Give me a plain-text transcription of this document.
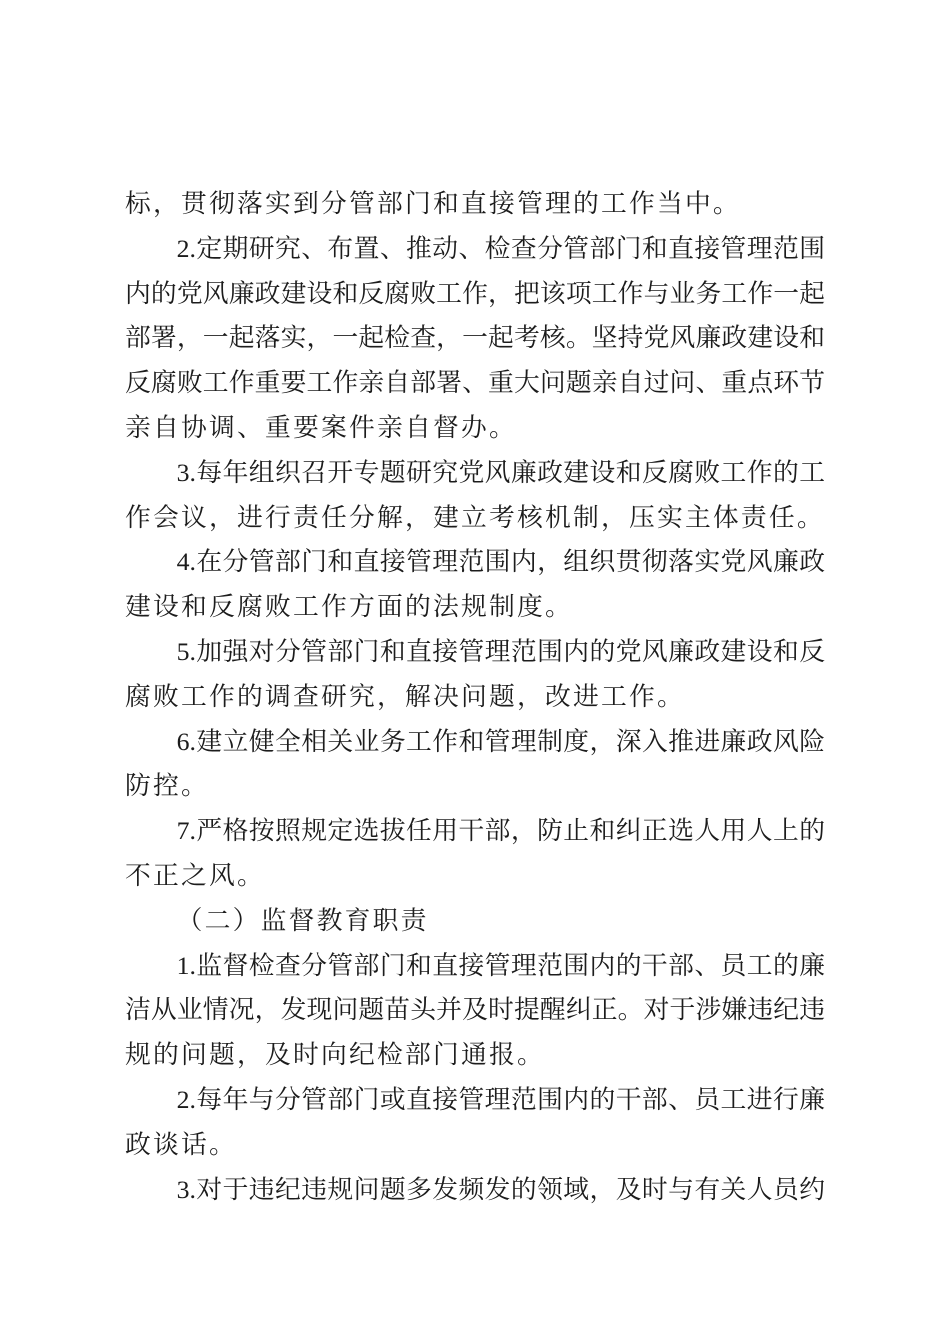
标，贯彻落实到分管部门和直接管理的工作当中。
2.定期研究、布置、推动、检查分管部门和直接管理范围
内的党风廉政建设和反腐败工作，把该项工作与业务工作一起
部署，一起落实，一起检查，一起考核。坚持党风廉政建设和
反腐败工作重要工作亲自部署、重大问题亲自过问、重点环节
亲自协调、重要案件亲自督办。
3.每年组织召开专题研究党风廉政建设和反腐败工作的工
作会议，进行责任分解，建立考核机制，压实主体责任。
4.在分管部门和直接管理范围内，组织贯彻落实党风廉政
建设和反腐败工作方面的法规制度。
5.加强对分管部门和直接管理范围内的党风廉政建设和反
腐败工作的调查研究，解决问题，改进工作。
6.建立健全相关业务工作和管理制度，深入推进廉政风险
防控。
7.严格按照规定选拔任用干部，防止和纠正选人用人上的
不正之风。
（二）监督教育职责
1.监督检查分管部门和直接管理范围内的干部、员工的廉
洁从业情况，发现问题苗头并及时提醒纠正。对于涉嫌违纪违
规的问题，及时向纪检部门通报。
2.每年与分管部门或直接管理范围内的干部、员工进行廉
政谈话。
3.对于违纪违规问题多发频发的领域，及时与有关人员约
